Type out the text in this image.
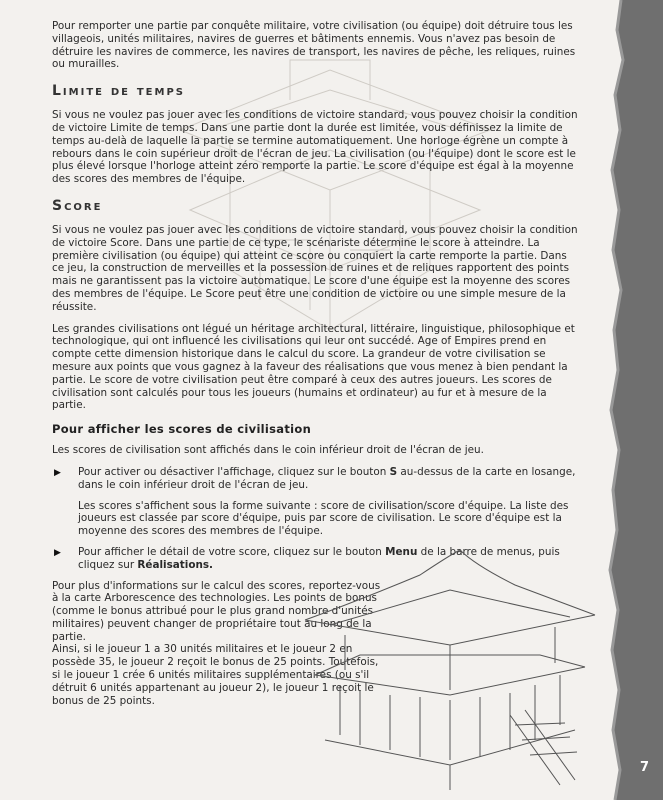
Pour remporter une partie par conquête militaire, votre civilisation (ou équipe) doit détruire tous les villageois, unités militaires, navires de guerres et bâtiments ennemis. Vous n'avez pas besoin de détruire les navires de commerce, les navires de transport, les navires de pêche, les reliques, ruines ou murailles.

Limite de temps

Si vous ne voulez pas jouer avec les conditions de victoire standard, vous pouvez choisir la condition de victoire Limite de temps. Dans une partie dont la durée est limitée, vous définissez la limite de temps au-delà de laquelle la partie se termine automatiquement. Une horloge égrène un compte à rebours dans le coin supérieur droit de l'écran de jeu. La civilisation (ou l'équipe) dont le score est le plus élevé lorsque l'horloge atteint zéro remporte la partie. Le score d'équipe est égal à la moyenne des scores des membres de l'équipe.

Score

Si vous ne voulez pas jouer avec les conditions de victoire standard, vous pouvez choisir la condition de victoire Score. Dans une partie de ce type, le scénariste détermine le score à atteindre. La première civilisation (ou équipe) qui atteint ce score ou conquiert la carte remporte la partie. Dans ce jeu, la construction de merveilles et la possession de ruines et de reliques rapportent des points mais ne garantissent pas la victoire automatique. Le score d'une équipe est la moyenne des scores des membres de l'équipe. Le Score peut être une condition de victoire ou une simple mesure de la réussite.

Les grandes civilisations ont légué un héritage architectural, littéraire, linguistique, philosophique et technologique, qui ont influencé les civilisations qui leur ont succédé. Age of Empires prend en compte cette dimension historique dans le calcul du score. La grandeur de votre civilisation se mesure aux points que vous gagnez à la faveur des réalisations que vous menez à bien pendant la partie. Le score de votre civilisation peut être comparé à ceux des autres joueurs. Les scores de civilisation sont calculés pour tous les joueurs (humains et ordinateur) au fur et à mesure de la partie.

Pour afficher les scores de civilisation

Les scores de civilisation sont affichés dans le coin inférieur droit de l'écran de jeu.

▶ Pour activer ou désactiver l'affichage, cliquez sur le bouton S au-dessus de la carte en losange, dans le coin inférieur droit de l'écran de jeu.

Les scores s'affichent sous la forme suivante : score de civilisation/score d'équipe. La liste des joueurs est classée par score d'équipe, puis par score de civilisation. Le score d'équipe est la moyenne des scores des membres de l'équipe.

▶ Pour afficher le détail de votre score, cliquez sur le bouton Menu de la barre de menus, puis cliquez sur Réalisations.

Pour plus d'informations sur le calcul des scores, reportez-vous à la carte Arborescence des technologies. Les points de bonus (comme le bonus attribué pour le plus grand nombre d'unités militaires) peuvent changer de propriétaire tout au long de la partie.

Ainsi, si le joueur 1 a 30 unités militaires et le joueur 2 en possède 35, le joueur 2 reçoit le bonus de 25 points. Toutefois, si le joueur 1 crée 6 unités militaires supplémentaires (ou s'il détruit 6 unités appartenant au joueur 2), le joueur 1 reçoit le bonus de 25 points.

7
